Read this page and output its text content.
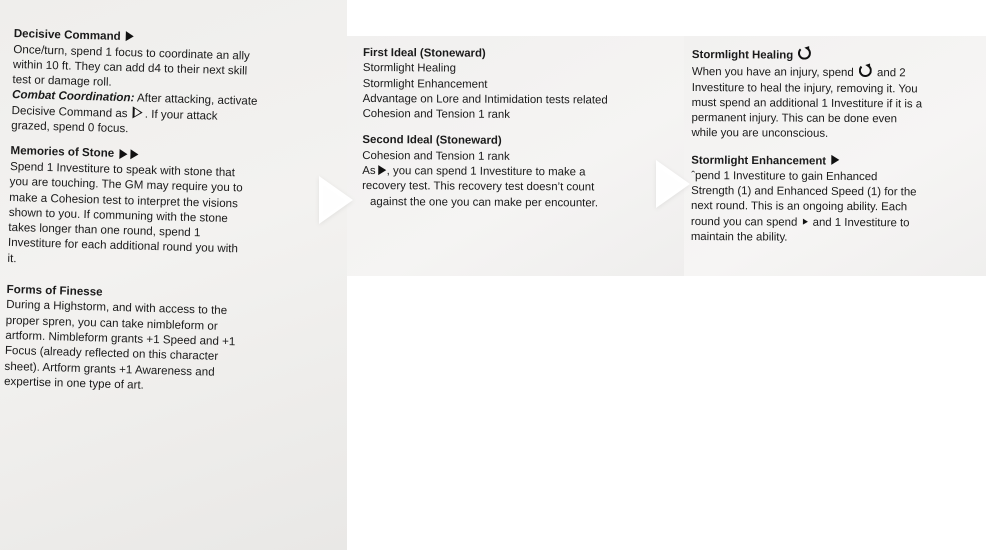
Decisive Command
Once/turn, spend 1 focus to coordinate an ally
within 10 ft. They can add d4 to their next skill
test or damage roll.
Combat Coordination: After attacking, activate
Decisive Command as . If your attack
grazed, spend 0 focus.
Memories of Stone
Spend 1 Investiture to speak with stone that
you are touching. The GM may require you to
make a Cohesion test to interpret the visions
shown to you. If communing with the stone
takes longer than one round, spend 1
Investiture for each additional round you with
it.
Forms of Finesse
During a Highstorm, and with access to the
proper spren, you can take nimbleform or
artform. Nimbleform grants +1 Speed and +1
Focus (already reflected on this character
sheet). Artform grants +1 Awareness and
expertise in one type of art.
First Ideal (Stoneward)
Stormlight Healing
Stormlight Enhancement
Advantage on Lore and Intimidation tests related
Cohesion and Tension 1 rank
Second Ideal (Stoneward)
Cohesion and Tension 1 rank
As , you can spend 1 Investiture to make a
recovery test. This recovery test doesn’t count
against the one you can make per encounter.
Stormlight Healing
When you have an injury, spend  and 2
Investiture to heal the injury, removing it. You
must spend an additional 1 Investiture if it is a
permanent injury. This can be done even
while you are unconscious.
Stormlight Enhancement
ˆpend 1 Investiture to gain Enhanced
Strength (1) and Enhanced Speed (1) for the
next round. This is an ongoing ability. Each
round you can spend  and 1 Investiture to
maintain the ability.
